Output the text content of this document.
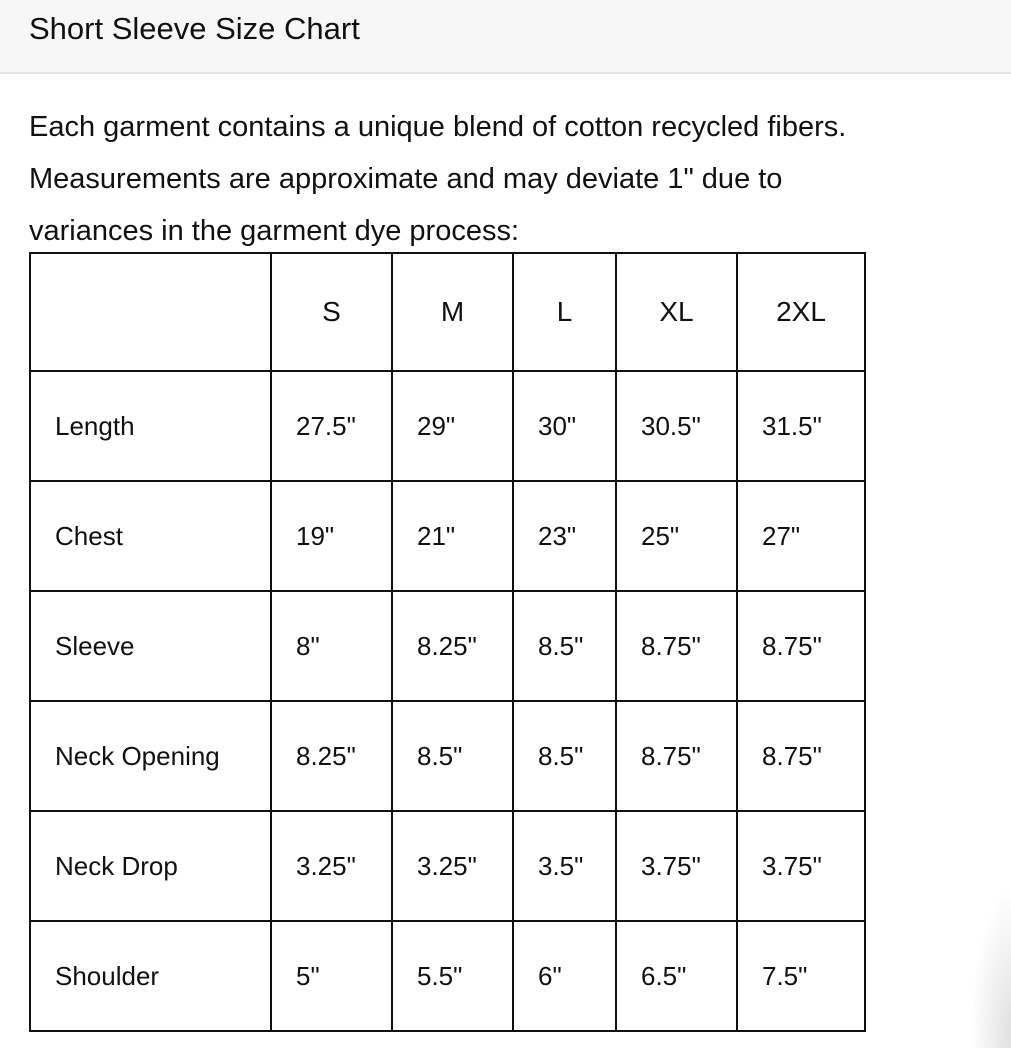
Short Sleeve Size Chart

Each garment contains a unique blend of cotton recycled fibers.
Measurements are approximate and may deviate 1" due to
variances in the garment dye process:

	S	M	L	XL	2XL
Length	27.5"	29"	30"	30.5"	31.5"
Chest	19"	21"	23"	25"	27"
Sleeve	8"	8.25"	8.5"	8.75"	8.75"
Neck Opening	8.25"	8.5"	8.5"	8.75"	8.75"
Neck Drop	3.25"	3.25"	3.5"	3.75"	3.75"
Shoulder	5"	5.5"	6"	6.5"	7.5"
